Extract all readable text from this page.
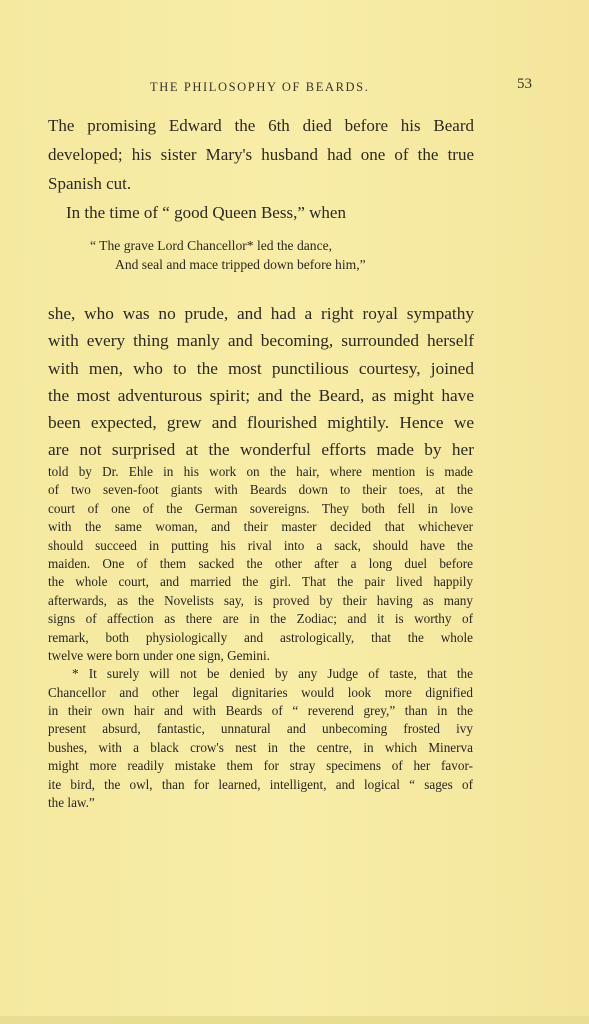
THE PHILOSOPHY OF BEARDS.	53
The promising Edward the 6th died before his Beard
developed; his sister Mary's husband had one of the true
Spanish cut.
In the time of “ good Queen Bess,” when
“ The grave Lord Chancellor* led the dance,
And seal and mace tripped down before him,”
she, who was no prude, and had a right royal sympathy
with every thing manly and becoming, surrounded herself
with men, who to the most punctilious courtesy, joined
the most adventurous spirit; and the Beard, as might have
been expected, grew and flourished mightily. Hence we
are not surprised at the wonderful efforts made by her
told by Dr. Ehle in his work on the hair, where mention is made
of two seven-foot giants with Beards down to their toes, at the
court of one of the German sovereigns. They both fell in love
with the same woman, and their master decided that whichever
should succeed in putting his rival into a sack, should have the
maiden. One of them sacked the other after a long duel before
the whole court, and married the girl. That the pair lived happily
afterwards, as the Novelists say, is proved by their having as many
signs of affection as there are in the Zodiac; and it is worthy of
remark, both physiologically and astrologically, that the whole
twelve were born under one sign, Gemini.
* It surely will not be denied by any Judge of taste, that the
Chancellor and other legal dignitaries would look more dignified
in their own hair and with Beards of “ reverend grey,” than in the
present absurd, fantastic, unnatural and unbecoming frosted ivy
bushes, with a black crow's nest in the centre, in which Minerva
might more readily mistake them for stray specimens of her favor-
ite bird, the owl, than for learned, intelligent, and logical “ sages of
the law.”
